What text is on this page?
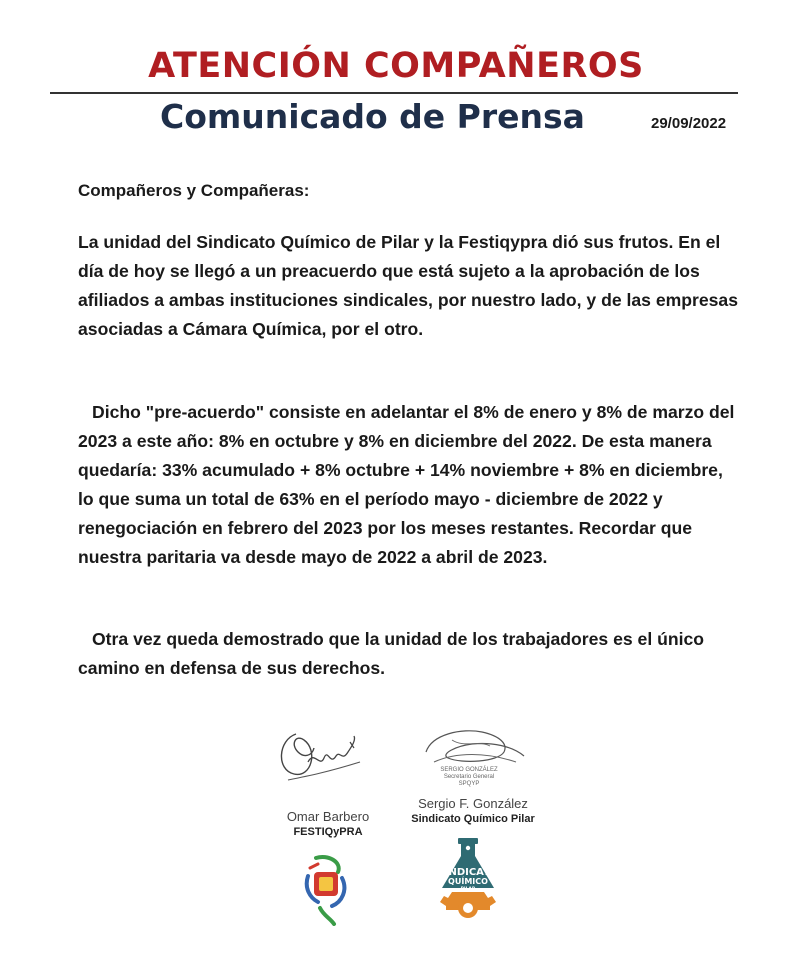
ATENCIÓN COMPAÑEROS
Comunicado de Prensa	29/09/2022

Compañeros y Compañeras:

La unidad del Sindicato Químico de Pilar y la Festiqypra dió sus frutos. En el día de hoy se llegó a un preacuerdo que está sujeto a la aprobación de los afiliados a ambas instituciones sindicales, por nuestro lado, y de las empresas asociadas a Cámara Química, por el otro.

Dicho "pre-acuerdo" consiste en adelantar el 8% de enero y 8% de marzo del 2023 a este año: 8% en octubre y 8% en diciembre del 2022. De esta manera quedaría: 33% acumulado + 8% octubre + 14% noviembre + 8% en diciembre, lo que suma un total de 63% en el período mayo - diciembre de 2022 y renegociación en febrero del 2023 por los meses restantes. Recordar que nuestra paritaria va desde mayo de 2022 a abril de 2023.

Otra vez queda demostrado que la unidad de los trabajadores es el único camino en defensa de sus derechos.

SERGIO GONZÁLEZ
Secretario General
SPQYP
Omar Barbero
FESTIQyPRA
Sergio F. González
Sindicato Químico Pilar
SINDICATO
QUÍMICO
PILAR
